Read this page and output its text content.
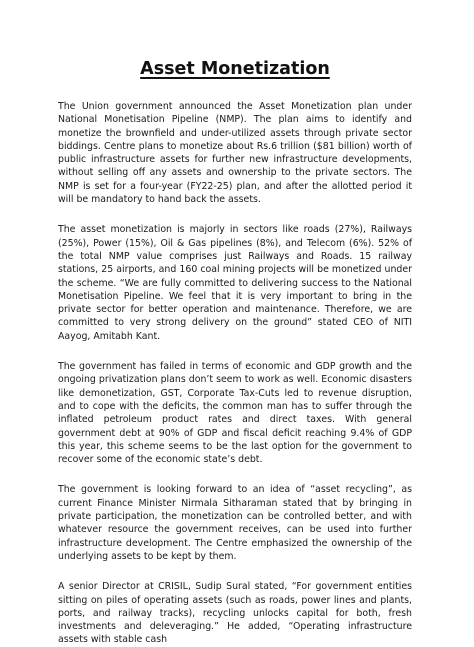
Asset Monetization

The Union government announced the Asset Monetization plan under National Monetisation Pipeline (NMP). The plan aims to identify and monetize the brownfield and under-utilized assets through private sector biddings. Centre plans to monetize about Rs.6 trillion ($81 billion) worth of public infrastructure assets for further new infrastructure developments, without selling off any assets and ownership to the private sectors. The NMP is set for a four-year (FY22-25) plan, and after the allotted period it will be mandatory to hand back the assets.

The asset monetization is majorly in sectors like roads (27%), Railways (25%), Power (15%), Oil & Gas pipelines (8%), and Telecom (6%). 52% of the total NMP value comprises just Railways and Roads. 15 railway stations, 25 airports, and 160 coal mining projects will be monetized under the scheme. “We are fully committed to delivering success to the National Monetisation Pipeline. We feel that it is very important to bring in the private sector for better operation and maintenance. Therefore, we are committed to very strong delivery on the ground” stated CEO of NITI Aayog, Amitabh Kant.

The government has failed in terms of economic and GDP growth and the ongoing privatization plans don’t seem to work as well. Economic disasters like demonetization, GST, Corporate Tax-Cuts led to revenue disruption, and to cope with the deficits, the common man has to suffer through the inflated petroleum product rates and direct taxes. With general government debt at 90% of GDP and fiscal deficit reaching 9.4% of GDP this year, this scheme seems to be the last option for the government to recover some of the economic state’s debt.

The government is looking forward to an idea of “asset recycling”, as current Finance Minister Nirmala Sitharaman stated that by bringing in private participation, the monetization can be controlled better, and with whatever resource the government receives, can be used into further infrastructure development. The Centre emphasized the ownership of the underlying assets to be kept by them.

A senior Director at CRISIL, Sudip Sural stated, “For government entities sitting on piles of operating assets (such as roads, power lines and plants, ports, and railway tracks), recycling unlocks capital for both, fresh investments and deleveraging.” He added, “Operating infrastructure assets with stable cash
